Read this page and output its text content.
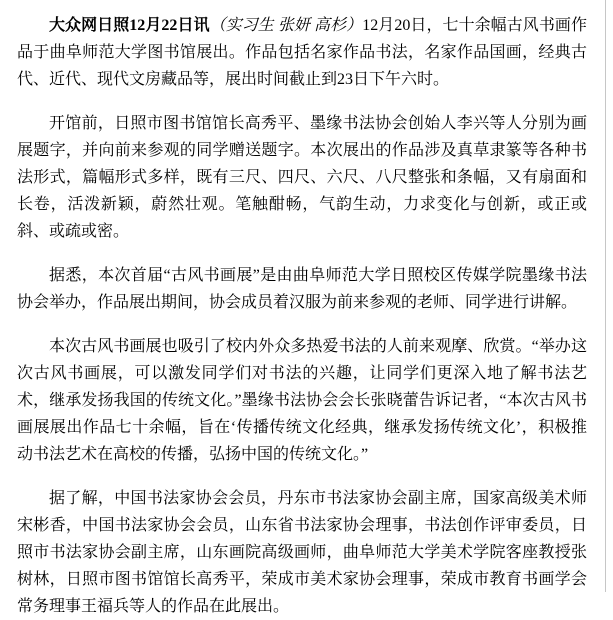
大众网日照12月22日讯（实习生 张妍 高杉）12月20日，七十余幅古风书画作品于曲阜师范大学图书馆展出。作品包括名家作品书法，名家作品国画，经典古代、近代、现代文房藏品等，展出时间截止到23日下午六时。

开馆前，日照市图书馆馆长高秀平、墨缘书法协会创始人李兴等人分别为画展题字，并向前来参观的同学赠送题字。本次展出的作品涉及真草隶篆等各种书法形式，篇幅形式多样，既有三尺、四尺、六尺、八尺整张和条幅，又有扇面和长卷，活泼新颖，蔚然壮观。笔触酣畅，气韵生动，力求变化与创新，或正或斜、或疏或密。

据悉，本次首届“古风书画展”是由曲阜师范大学日照校区传媒学院墨缘书法协会举办，作品展出期间，协会成员着汉服为前来参观的老师、同学进行讲解。

本次古风书画展也吸引了校内外众多热爱书法的人前来观摩、欣赏。“举办这次古风书画展，可以激发同学们对书法的兴趣，让同学们更深入地了解书法艺术，继承发扬我国的传统文化。”墨缘书法协会会长张晓蕾告诉记者，“本次古风书画展展出作品七十余幅，旨在‘传播传统文化经典，继承发扬传统文化’，积极推动书法艺术在高校的传播，弘扬中国的传统文化。”

据了解，中国书法家协会会员，丹东市书法家协会副主席，国家高级美术师宋彬香，中国书法家协会会员，山东省书法家协会理事，书法创作评审委员，日照市书法家协会副主席，山东画院高级画师，曲阜师范大学美术学院客座教授张树林，日照市图书馆馆长高秀平，荣成市美术家协会理事，荣成市教育书画学会常务理事王福兵等人的作品在此展出。
